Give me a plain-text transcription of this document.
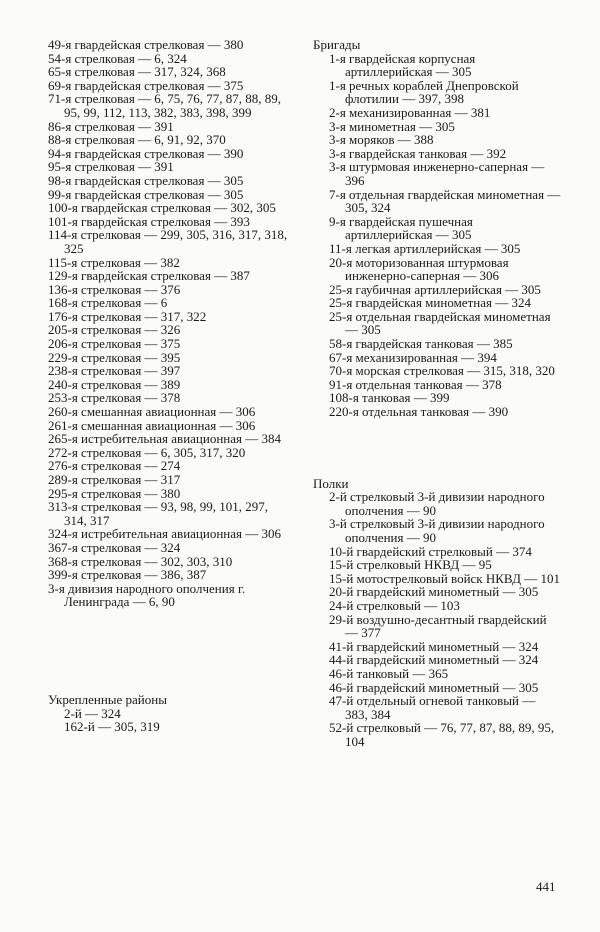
49-я гвардейская стрелковая — 380
54-я стрелковая — 6, 324
65-я стрелковая — 317, 324, 368
69-я гвардейская стрелковая — 375
71-я стрелковая — 6, 75, 76, 77, 87, 88, 89, 95, 99, 112, 113, 382, 383, 398, 399
86-я стрелковая — 391
88-я стрелковая — 6, 91, 92, 370
94-я гвардейская стрелковая — 390
95-я стрелковая — 391
98-я гвардейская стрелковая — 305
99-я гвардейская стрелковая — 305
100-я гвардейская стрелковая — 302, 305
101-я гвардейская стрелковая — 393
114-я стрелковая — 299, 305, 316, 317, 318, 325
115-я стрелковая — 382
129-я гвардейская стрелковая — 387
136-я стрелковая — 376
168-я стрелковая — 6
176-я стрелковая — 317, 322
205-я стрелковая — 326
206-я стрелковая — 375
229-я стрелковая — 395
238-я стрелковая — 397
240-я стрелковая — 389
253-я стрелковая — 378
260-я смешанная авиационная — 306
261-я смешанная авиационная — 306
265-я истребительная авиационная — 384
272-я стрелковая — 6, 305, 317, 320
276-я стрелковая — 274
289-я стрелковая — 317
295-я стрелковая — 380
313-я стрелковая — 93, 98, 99, 101, 297, 314, 317
324-я истребительная авиационная — 306
367-я стрелковая — 324
368-я стрелковая — 302, 303, 310
399-я стрелковая — 386, 387
3-я дивизия народного ополчения г. Ленинграда — 6, 90
Укрепленные районы
2-й — 324
162-й — 305, 319
Бригады
1-я гвардейская корпусная артиллерийская — 305
1-я речных кораблей Днепровской флотилии — 397, 398
2-я механизированная — 381
3-я минометная — 305
3-я моряков — 388
3-я гвардейская танковая — 392
3-я штурмовая инженерно-саперная — 396
7-я отдельная гвардейская минометная — 305, 324
9-я гвардейская пушечная артиллерийская — 305
11-я легкая артиллерийская — 305
20-я моторизованная штурмовая инженерно-саперная — 306
25-я гаубичная артиллерийская — 305
25-я гвардейская минометная — 324
25-я отдельная гвардейская минометная — 305
58-я гвардейская танковая — 385
67-я механизированная — 394
70-я морская стрелковая — 315, 318, 320
91-я отдельная танковая — 378
108-я танковая — 399
220-я отдельная танковая — 390
Полки
2-й стрелковый 3-й дивизии народного ополчения — 90
3-й стрелковый 3-й дивизии народного ополчения — 90
10-й гвардейский стрелковый — 374
15-й стрелковый НКВД — 95
15-й мотострелковый войск НКВД — 101
20-й гвардейский минометный — 305
24-й стрелковый — 103
29-й воздушно-десантный гвардейский — 377
41-й гвардейский минометный — 324
44-й гвардейский минометный — 324
46-й танковый — 365
46-й гвардейский минометный — 305
47-й отдельный огневой танковый — 383, 384
52-й стрелковый — 76, 77, 87, 88, 89, 95, 104
441
